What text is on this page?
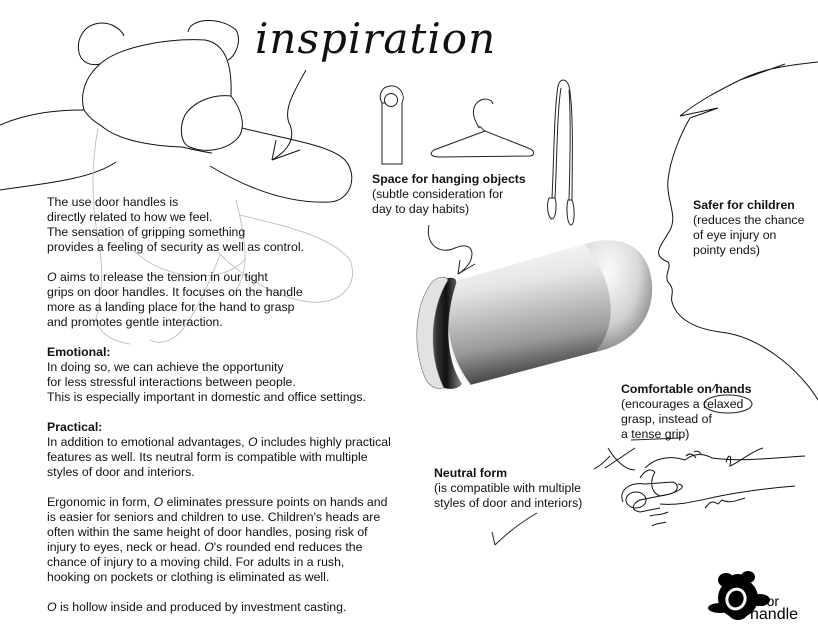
inspiration

The use door handles is

directly related to how we feel.

The sensation of gripping something

provides a feeling of security as well as control.

O aims to release the tension in our tight

grips on door handles. It focuses on the handle

more as a landing place for the hand to grasp

and promotes gentle interaction.

Emotional:

In doing so, we can achieve the opportunity

for less stressful interactions between people.

This is especially important in domestic and office settings.

Practical:

In addition to emotional advantages, O includes highly practical

features as well. Its neutral form is compatible with multiple

styles of door and interiors.

Ergonomic in form, O eliminates pressure points on hands and

is easier for seniors and children to use. Children's heads are

often within the same height of door handles, posing risk of

injury to eyes, neck or head. O's rounded end reduces the

chance of injury to a moving child. For adults in a rush,

hooking on pockets or clothing is eliminated as well.

O is hollow inside and produced by investment casting.

Space for hanging objects

(subtle consideration for

day to day habits)	Safer for children

(reduces the chance

of eye injury on

pointy ends)

Comfortable on hands

(encourages a relaxed

grasp, instead of

a tense grip)

Neutral form

(is compatible with multiple

styles of door and interiors)

door
handle
